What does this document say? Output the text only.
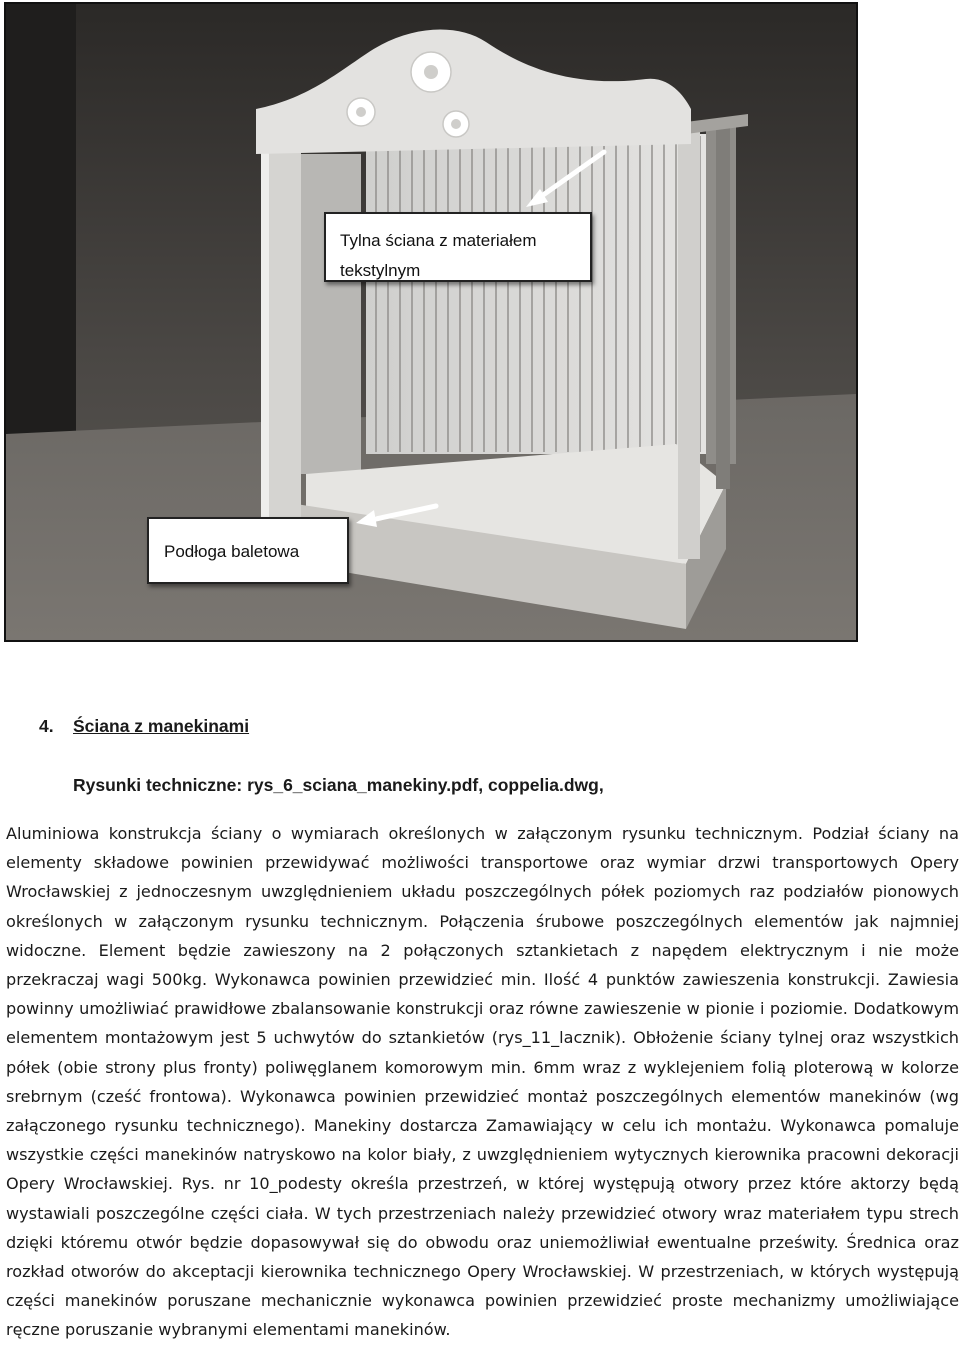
Tylna ściana z materiałem tekstylnym
Podłoga baletowa
4. Ściana z manekinami
Rysunki techniczne: rys_6_sciana_manekiny.pdf, coppelia.dwg,

Aluminiowa konstrukcja ściany o wymiarach określonych w załączonym rysunku technicznym. Podział ściany na elementy składowe powinien przewidywać możliwości transportowe oraz wymiar drzwi transportowych Opery Wrocławskiej z jednoczesnym uwzględnieniem układu poszczególnych półek poziomych raz podziałów pionowych określonych w załączonym rysunku technicznym. Połączenia śrubowe poszczególnych elementów jak najmniej widoczne. Element będzie zawieszony na 2 połączonych sztankietach z napędem elektrycznym i nie może przekraczaj wagi 500kg. Wykonawca powinien przewidzieć min. Ilość 4 punktów zawieszenia konstrukcji. Zawiesia powinny umożliwiać prawidłowe zbalansowanie konstrukcji oraz równe zawieszenie w pionie i poziomie. Dodatkowym elementem montażowym jest 5 uchwytów do sztankietów (rys_11_lacznik). Obłożenie ściany tylnej oraz wszystkich półek (obie strony plus fronty) poliwęglanem komorowym min. 6mm wraz z wyklejeniem folią ploterową w kolorze srebrnym (cześć frontowa). Wykonawca powinien przewidzieć montaż poszczególnych elementów manekinów (wg załączonego rysunku technicznego). Manekiny dostarcza Zamawiający w celu ich montażu. Wykonawca pomaluje wszystkie części manekinów natryskowo na kolor biały, z uwzględnieniem wytycznych kierownika pracowni dekoracji Opery Wrocławskiej. Rys. nr 10_podesty określa przestrzeń, w której występują otwory przez które aktorzy będą wystawiali poszczególne części ciała. W tych przestrzeniach należy przewidzieć otwory wraz materiałem typu strech dzięki któremu otwór będzie dopasowywał się do obwodu oraz uniemożliwiał ewentualne prześwity. Średnica oraz rozkład otworów do akceptacji kierownika technicznego Opery Wrocławskiej. W przestrzeniach, w których występują części manekinów poruszane mechanicznie wykonawca powinien przewidzieć proste mechanizmy umożliwiające ręczne poruszanie wybranymi elementami manekinów.
